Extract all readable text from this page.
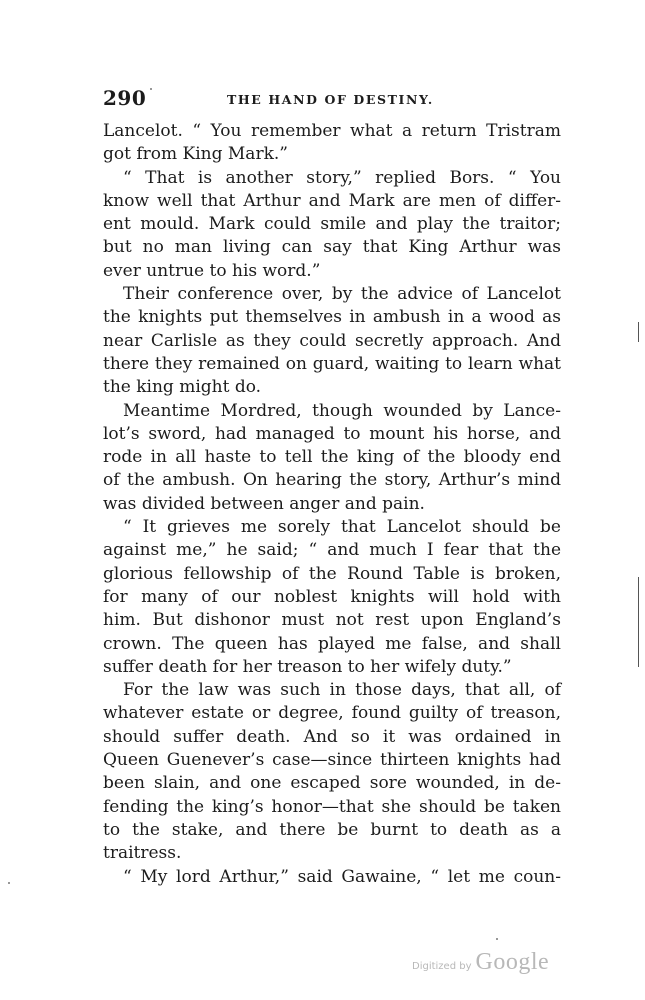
290	THE HAND OF DESTINY.
Lancelot. “ You remember what a return Tristram
got from King Mark.”
“ That is another story,” replied Bors. “ You
know well that Arthur and Mark are men of differ-
ent mould. Mark could smile and play the traitor;
but no man living can say that King Arthur was
ever untrue to his word.”
Their conference over, by the advice of Lancelot
the knights put themselves in ambush in a wood as
near Carlisle as they could secretly approach. And
there they remained on guard, waiting to learn what
the king might do.
Meantime Mordred, though wounded by Lance-
lot’s sword, had managed to mount his horse, and
rode in all haste to tell the king of the bloody end
of the ambush. On hearing the story, Arthur’s mind
was divided between anger and pain.
“ It grieves me sorely that Lancelot should be
against me,” he said; “ and much I fear that the
glorious fellowship of the Round Table is broken,
for many of our noblest knights will hold with
him. But dishonor must not rest upon England’s
crown. The queen has played me false, and shall
suffer death for her treason to her wifely duty.”
For the law was such in those days, that all, of
whatever estate or degree, found guilty of treason,
should suffer death. And so it was ordained in
Queen Guenever’s case—since thirteen knights had
been slain, and one escaped sore wounded, in de-
fending the king’s honor—that she should be taken
to the stake, and there be burnt to death as a
traitress.
“ My lord Arthur,” said Gawaine, “ let me coun-
Digitized by Google
